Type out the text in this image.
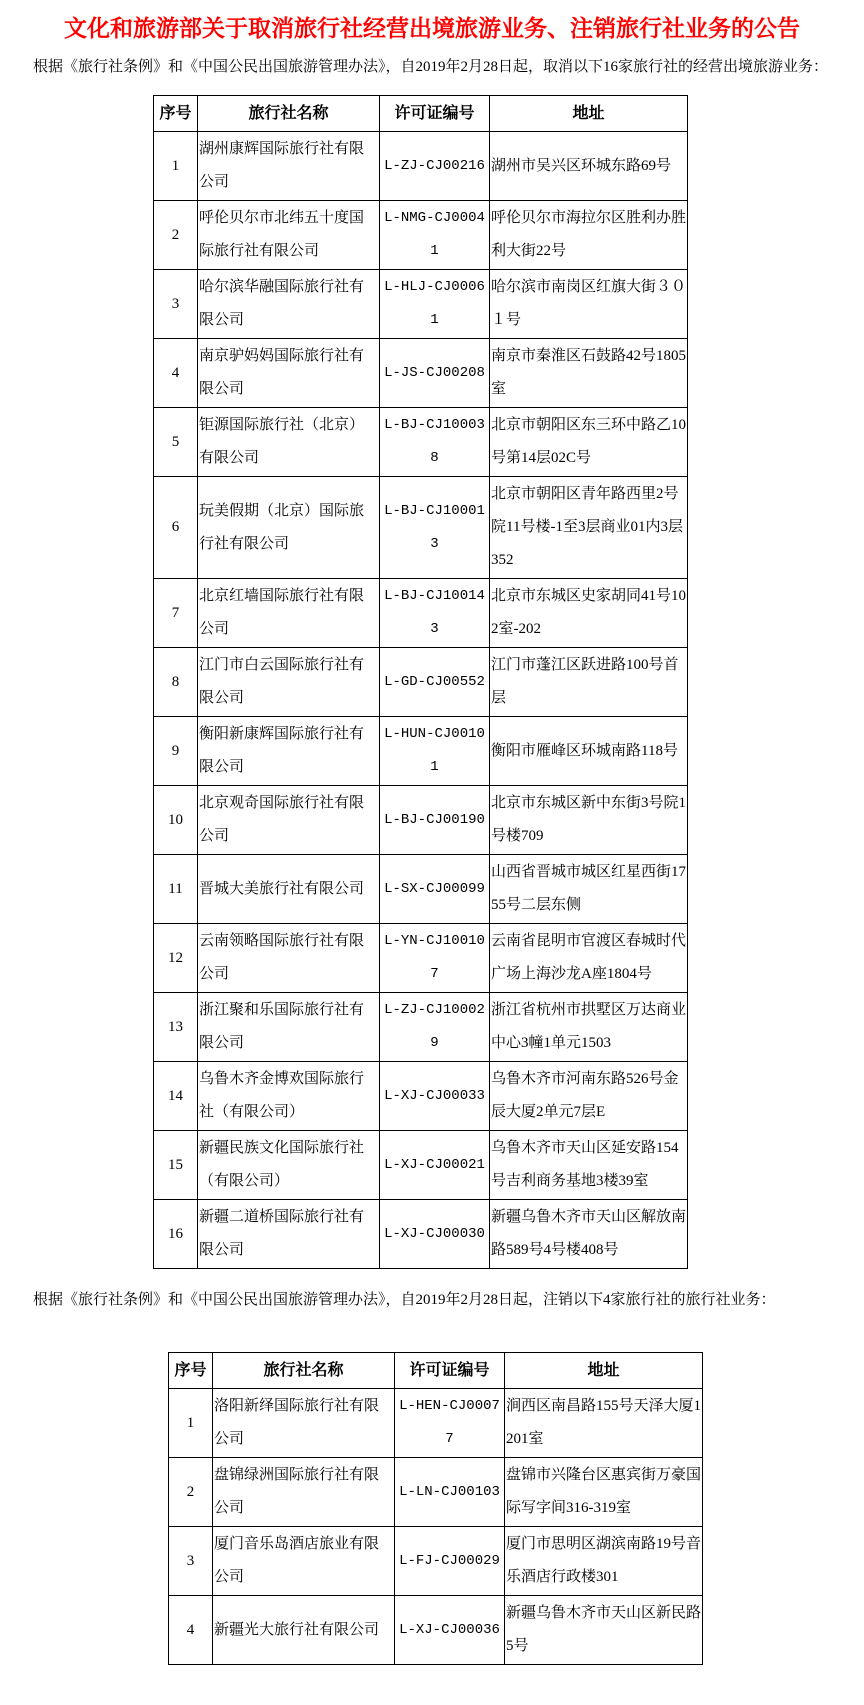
文化和旅游部关于取消旅行社经营出境旅游业务、注销旅行社业务的公告

根据《旅行社条例》和《中国公民出国旅游管理办法》，自2019年2月28日起，取消以下16家旅行社的经营出境旅游业务：

序号	旅行社名称	许可证编号	地址
1	湖州康辉国际旅行社有限公司	L-ZJ-CJ00216	湖州市吴兴区环城东路69号
2	呼伦贝尔市北纬五十度国际旅行社有限公司	L-NMG-CJ00041	呼伦贝尔市海拉尔区胜利办胜利大街22号
3	哈尔滨华融国际旅行社有限公司	L-HLJ-CJ00061	哈尔滨市南岗区红旗大街３０１号
4	南京驴妈妈国际旅行社有限公司	L-JS-CJ00208	南京市秦淮区石鼓路42号1805室
5	钜源国际旅行社（北京）有限公司	L-BJ-CJ100038	北京市朝阳区东三环中路乙10号第14层02C号
6	玩美假期（北京）国际旅行社有限公司	L-BJ-CJ100013	北京市朝阳区青年路西里2号院11号楼-1至3层商业01内3层352
7	北京红墙国际旅行社有限公司	L-BJ-CJ100143	北京市东城区史家胡同41号102室-202
8	江门市白云国际旅行社有限公司	L-GD-CJ00552	江门市蓬江区跃进路100号首层
9	衡阳新康辉国际旅行社有限公司	L-HUN-CJ00101	衡阳市雁峰区环城南路118号
10	北京观奇国际旅行社有限公司	L-BJ-CJ00190	北京市东城区新中东街3号院1号楼709
11	晋城大美旅行社有限公司	L-SX-CJ00099	山西省晋城市城区红星西街1755号二层东侧
12	云南领略国际旅行社有限公司	L-YN-CJ100107	云南省昆明市官渡区春城时代广场上海沙龙A座1804号
13	浙江聚和乐国际旅行社有限公司	L-ZJ-CJ100029	浙江省杭州市拱墅区万达商业中心3幢1单元1503
14	乌鲁木齐金博欢国际旅行社（有限公司）	L-XJ-CJ00033	乌鲁木齐市河南东路526号金辰大厦2单元7层E
15	新疆民族文化国际旅行社（有限公司）	L-XJ-CJ00021	乌鲁木齐市天山区延安路154号吉利商务基地3楼39室
16	新疆二道桥国际旅行社有限公司	L-XJ-CJ00030	新疆乌鲁木齐市天山区解放南路589号4号楼408号

根据《旅行社条例》和《中国公民出国旅游管理办法》，自2019年2月28日起，注销以下4家旅行社的旅行社业务：

序号	旅行社名称	许可证编号	地址
1	洛阳新绎国际旅行社有限公司	L-HEN-CJ00077	涧西区南昌路155号天泽大厦1201室
2	盘锦绿洲国际旅行社有限公司	L-LN-CJ00103	盘锦市兴隆台区惠宾街万豪国际写字间316-319室
3	厦门音乐岛酒店旅业有限公司	L-FJ-CJ00029	厦门市思明区湖滨南路19号音乐酒店行政楼301
4	新疆光大旅行社有限公司	L-XJ-CJ00036	新疆乌鲁木齐市天山区新民路5号
